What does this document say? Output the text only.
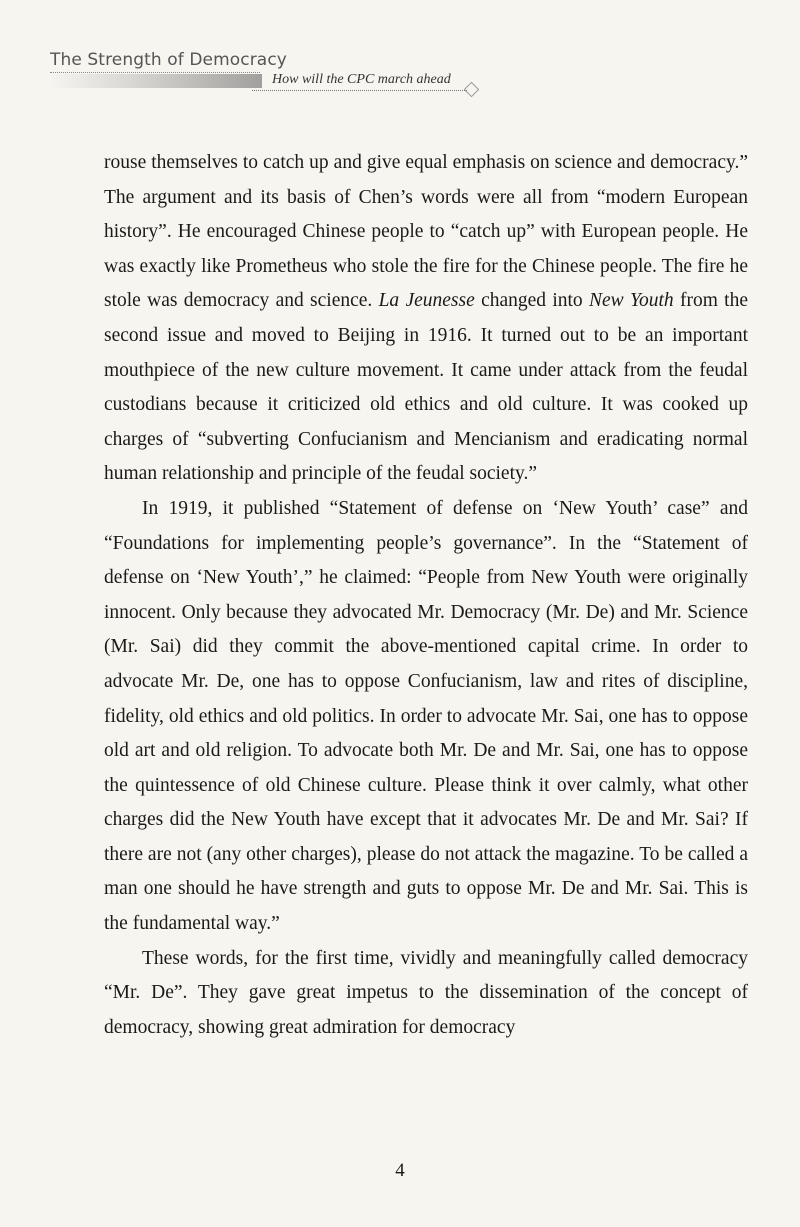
The Strength of Democracy
How will the CPC march ahead

rouse themselves to catch up and give equal emphasis on science and democracy.” The argument and its basis of Chen’s words were all from “modern European history”. He encouraged Chinese people to “catch up” with European people. He was exactly like Prometheus who stole the fire for the Chinese people. The fire he stole was democracy and science. La Jeunesse changed into New Youth from the second issue and moved to Beijing in 1916. It turned out to be an important mouthpiece of the new culture movement. It came under attack from the feudal custodians because it criticized old ethics and old culture. It was cooked up charges of “subverting Confucianism and Mencianism and eradicating normal human relationship and principle of the feudal society.”

In 1919, it published “Statement of defense on ‘New Youth’ case” and “Foundations for implementing people’s governance”. In the “Statement of defense on ‘New Youth’,” he claimed: “People from New Youth were originally innocent. Only because they advocated Mr. Democracy (Mr. De) and Mr. Science (Mr. Sai) did they commit the above-mentioned capital crime. In order to advocate Mr. De, one has to oppose Confucianism, law and rites of discipline, fidelity, old ethics and old politics. In order to advocate Mr. Sai, one has to oppose old art and old religion. To advocate both Mr. De and Mr. Sai, one has to oppose the quintessence of old Chinese culture. Please think it over calmly, what other charges did the New Youth have except that it advocates Mr. De and Mr. Sai? If there are not (any other charges), please do not attack the magazine. To be called a man one should he have strength and guts to oppose Mr. De and Mr. Sai. This is the fundamental way.”

These words, for the first time, vividly and meaningfully called democracy “Mr. De”. They gave great impetus to the dissemination of the concept of democracy, showing great admiration for democracy

4
